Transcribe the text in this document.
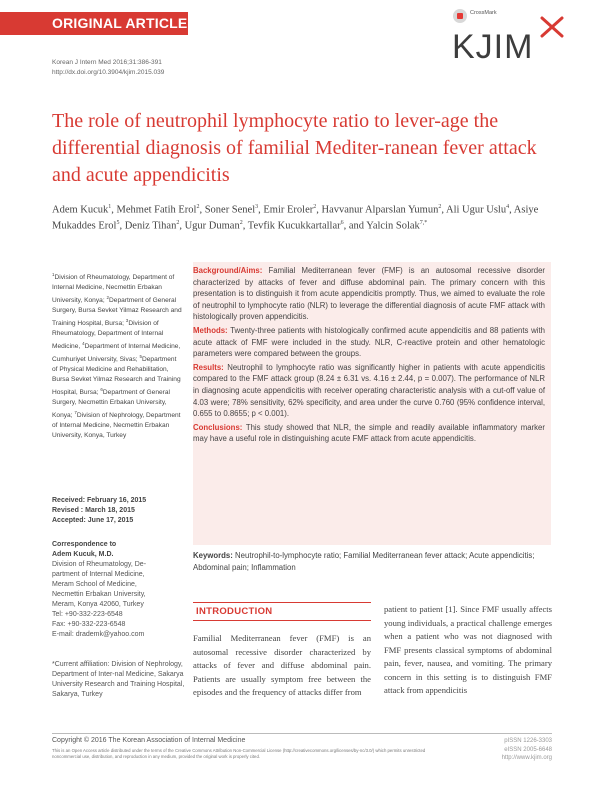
ORIGINAL ARTICLE
CrossMark
KJIM
Korean J Intern Med 2016;31:386-391
http://dx.doi.org/10.3904/kjim.2015.039
The role of neutrophil lymphocyte ratio to lever-age the differential diagnosis of familial Mediter-ranean fever attack and acute appendicitis
Adem Kucuk$^1$, Mehmet Fatih Erol$^2$, Soner Senel$^3$, Emir Eroler$^2$, Havvanur Alparslan Yumun$^2$, Ali Ugur Uslu$^4$, Asiye Mukaddes Erol$^5$, Deniz Tihan$^2$, Ugur Duman$^2$, Tevfik Kucukkartallar$^6$, and Yalcin Solak$^{7,*}$
$^1$Division of Rheumatology, Department of Internal Medicine, Necmettin Erbakan University, Konya; $^2$Department of General Surgery, Bursa Sevket Yilmaz Research and Training Hospital, Bursa; $^3$Division of Rheumatology, Department of Internal Medicine, $^4$Department of Internal Medicine, Cumhuriyet University, Sivas; $^5$Department of Physical Medicine and Rehabilitation, Bursa Sevket Yilmaz Research and Training Hospital, Bursa; $^6$Department of General Surgery, Necmettin Erbakan University, Konya; $^7$Division of Nephrology, Department of Internal Medicine, Necmettin Erbakan University, Konya, Turkey
Received: February 16, 2015
Revised : March 18, 2015
Accepted: June 17, 2015
Correspondence to
Adem Kucuk, M.D.
Division of Rheumatology, De-
partment of Internal Medicine,
Meram School of Medicine,
Necmettin Erbakan University,
Meram, Konya 42060, Turkey
Tel: +90-332-223-6548
Fax: +90-332-223-6548
E-mail: drademk@yahoo.com
*Current affiliation: Division of Nephrology, Department of Inter-nal Medicine, Sakarya University Research and Training Hospital, Sakarya, Turkey

Background/Aims: Familial Mediterranean fever (FMF) is an autosomal recessive disorder characterized by attacks of fever and diffuse abdominal pain. The primary concern with this presentation is to distinguish it from acute appendicitis promptly. Thus, we aimed to evaluate the role of neutrophil to lymphocyte ratio (NLR) to leverage the differential diagnosis of acute FMF attack with histologically proven appendicitis.

Methods: Twenty-three patients with histologically confirmed acute appendicitis and 88 patients with acute attack of FMF were included in the study. NLR, C-reactive protein and other hematologic parameters were compared between the groups.

Results: Neutrophil to lymphocyte ratio was significantly higher in patients with acute appendicitis compared to the FMF attack group (8.24 ± 6.31 vs. 4.16 ± 2.44, p = 0.007). The performance of NLR in diagnosing acute appendicitis with receiver operating characteristic analysis with a cut-off value of 4.03 were; 78% sensitivity, 62% specificity, and area under the curve 0.760 (95% confidence interval, 0.655 to 0.8655; p < 0.001).

Conclusions: This study showed that NLR, the simple and readily available inflammatory marker may have a useful role in distinguishing acute FMF attack from acute appendicitis.

Keywords: Neutrophil-to-lymphocyte ratio; Familial Mediterranean fever attack; Acute appendicitis; Abdominal pain; Inflammation
INTRODUCTION
Familial Mediterranean fever (FMF) is an autosomal recessive disorder characterized by attacks of fever and diffuse abdominal pain. Patients are usually symptom free between the episodes and the frequency of attacks differ from
patient to patient [1]. Since FMF usually affects young individuals, a practical challenge emerges when a patient who was not diagnosed with FMF presents classical symptoms of abdominal pain, fever, nausea, and vomiting. The primary concern in this setting is to distinguish FMF attack from appendicitis
Copyright © 2016 The Korean Association of Internal Medicine
This is an Open Access article distributed under the terms of the Creative Commons Attribution Non-Commercial License (http://creativecommons.org/licenses/by-nc/3.0/) which permits unrestricted noncommercial use, distribution, and reproduction in any medium, provided the original work is properly cited.
pISSN 1226-3303
eISSN 2005-6648
http://www.kjim.org
